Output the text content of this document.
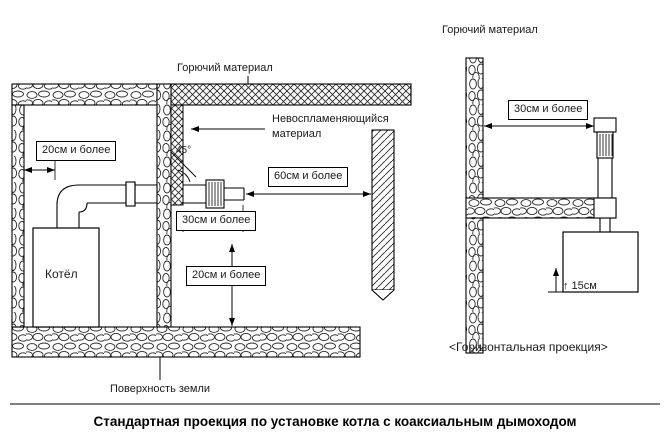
Горючий материал
Невоспламеняющийся
материал
45°
20см и более
30см и более
60см и более
20см и более
Котёл
Поверхность земли
Горючий материал
30см и более
↑ 15см
<Горизонтальная проекция>
Стандартная проекция по установке котла с коаксиальным дымоходом
